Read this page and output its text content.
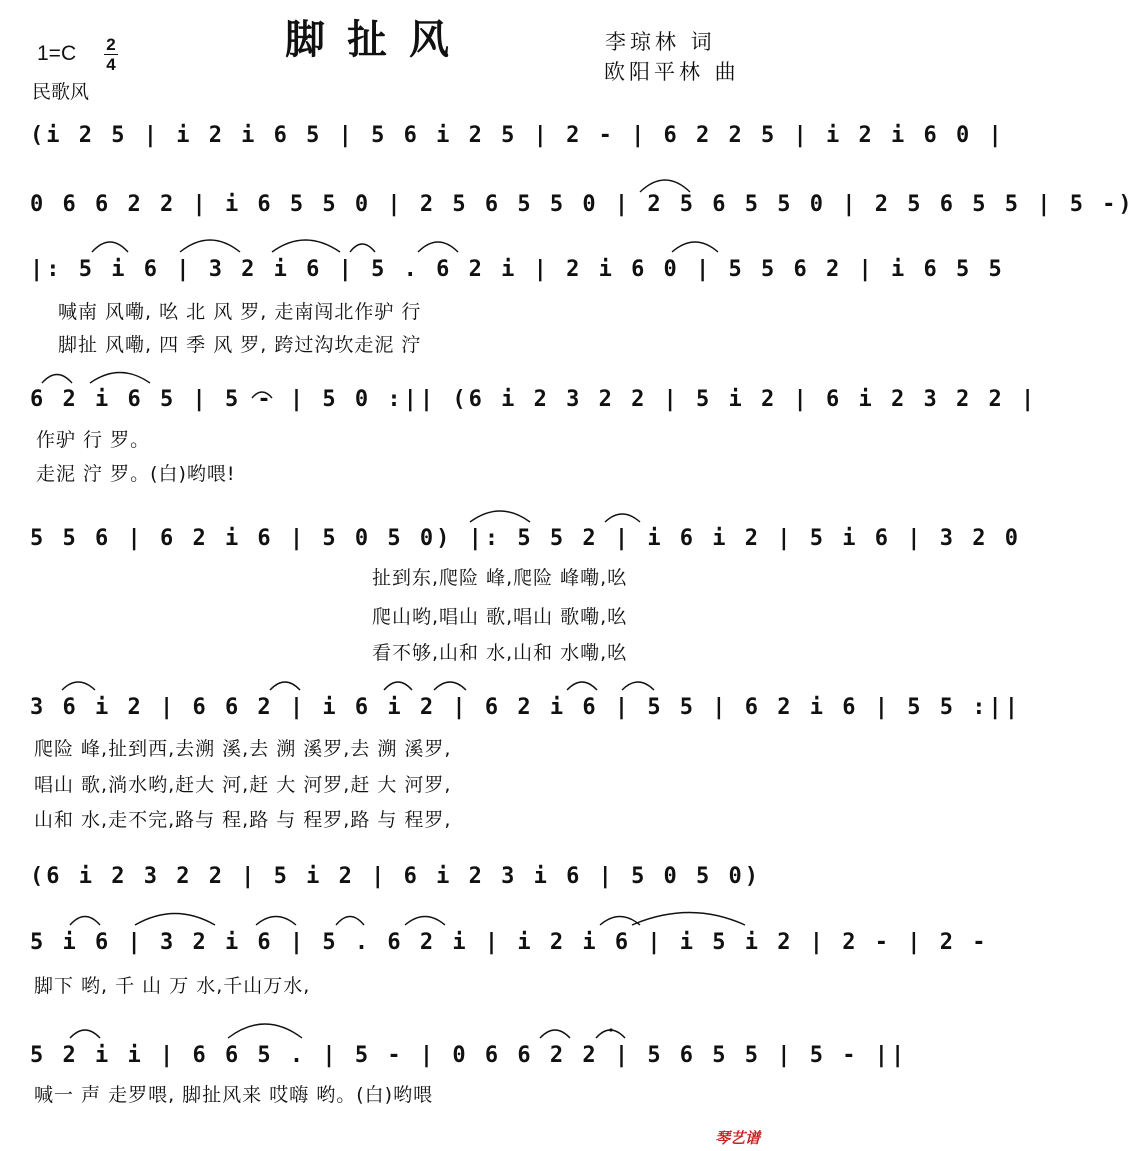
脚扯风	李琼林 词
欧阳平林 曲
1=C 2
4
民歌风
(i 2 5 | i 2 i 6 5 | 5 6 i 2 5 | 2 - | 6 2 2 5 | i 2 i 6 0 |
0 6 6 2 2 | i 6 5 5 0 | 2 5 6 5 5 0 | 2 5 6 5 5 0 | 2 5 6 5 5 | 5 -)
|: 5 i 6 | 3 2 i 6 | 5 . 6 2 i | 2 i 6 0 | 5 5 6 2 | i 6 5 5
喊南 风嘞, 吆 北 风 罗, 走南闯北作驴 行
脚扯 风嘞, 四 季 风 罗, 跨过沟坎走泥 泞
6 2 i 6 5 | 5 - | 5 0 :|| (6 i 2 3 2 2 | 5 i 2 | 6 i 2 3 2 2 |
作驴 行 罗。
走泥 泞 罗。(白)哟喂!
5 5 6 | 6 2 i 6 | 5 0 5 0) |: 5 5 2 | i 6 i 2 | 5 i 6 | 3 2 0
扯到东,爬险 峰,爬险 峰嘞,吆
爬山哟,唱山 歌,唱山 歌嘞,吆
看不够,山和 水,山和 水嘞,吆
3 6 i 2 | 6 6 2 | i 6 i 2 | 6 2 i 6 | 5 5 | 6 2 i 6 | 5 5 :||
爬险 峰,扯到西,去溯 溪,去 溯 溪罗,去 溯 溪罗,
唱山 歌,淌水哟,赶大 河,赶 大 河罗,赶 大 河罗,
山和 水,走不完,路与 程,路 与 程罗,路 与 程罗,
(6 i 2 3 2 2 | 5 i 2 | 6 i 2 3 i 6 | 5 0 5 0)
5 i 6 | 3 2 i 6 | 5 . 6 2 i | i 2 i 6 | i 5 i 2 | 2 - | 2 -
脚下 哟, 千 山 万 水,千山万水,
5 2 i i | 6 6 5 . | 5 - | 0 6 6 2 2 | 5 6 5 5 | 5 - ||
喊一 声 走罗喂, 脚扯风来 哎嗨 哟。(白)哟喂
琴艺谱
